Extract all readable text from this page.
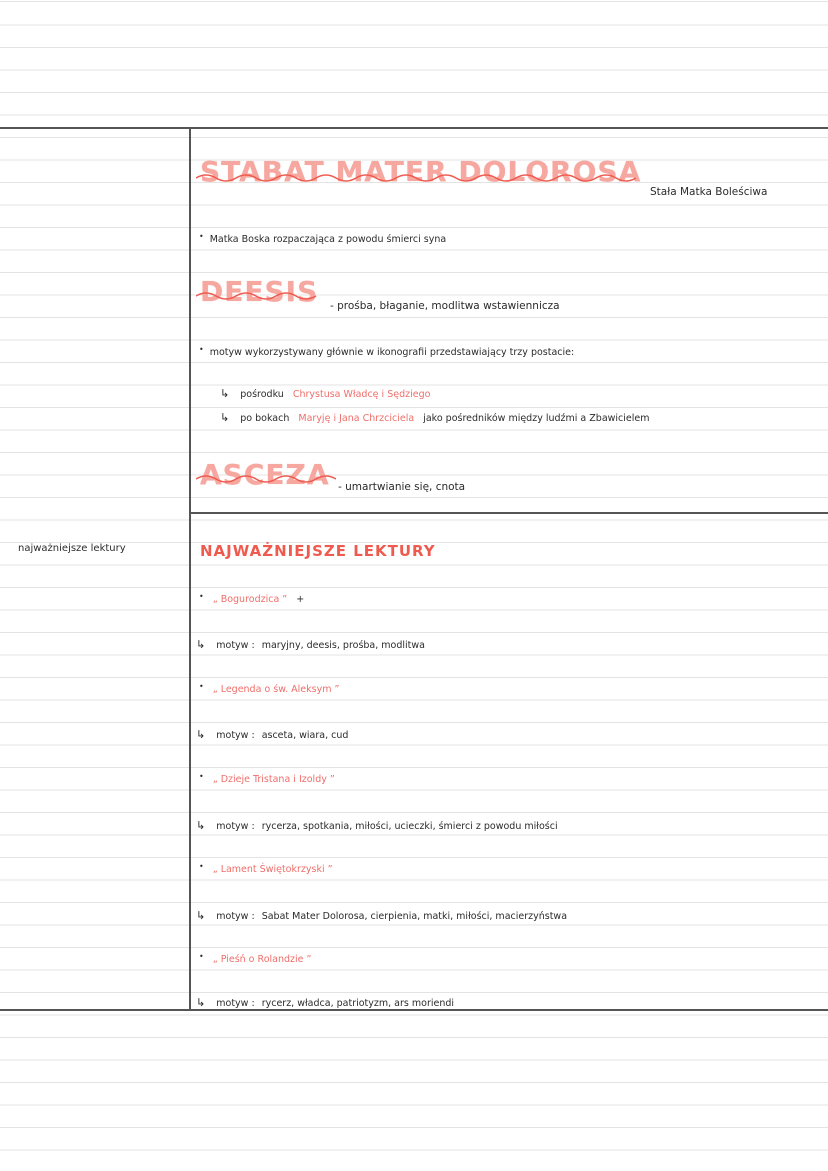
najważniejsze lektury
STABAT MATER DOLOROSA
Stała Matka Boleściwa
• Matka Boska rozpaczająca z powodu śmierci syna
DEESIS - prośba, błaganie, modlitwa wstawiennicza
• motyw wykorzystywany głównie w ikonografii przedstawiający trzy postacie:
↳ pośrodku Chrystusa Władcę i Sędziego
↳ po bokach Maryję i Jana Chrzciciela jako pośredników między ludźmi a Zbawicielem
ASCEZA - umartwianie się, cnota
NAJWAŻNIEJSZE LEKTURY
• „ Bogurodzica ” +
↳ motyw : maryjny, deesis, prośba, modlitwa
• „ Legenda o św. Aleksym ”
↳ motyw : asceta, wiara, cud
• „ Dzieje Tristana i Izoldy ”
↳ motyw : rycerza, spotkania, miłości, ucieczki, śmierci z powodu miłości
• „ Lament Świętokrzyski ”
↳ motyw : Sabat Mater Dolorosa, cierpienia, matki, miłości, macierzyństwa
• „ Pieśń o Rolandzie ”
↳ motyw : rycerz, władca, patriotyzm, ars moriendi
